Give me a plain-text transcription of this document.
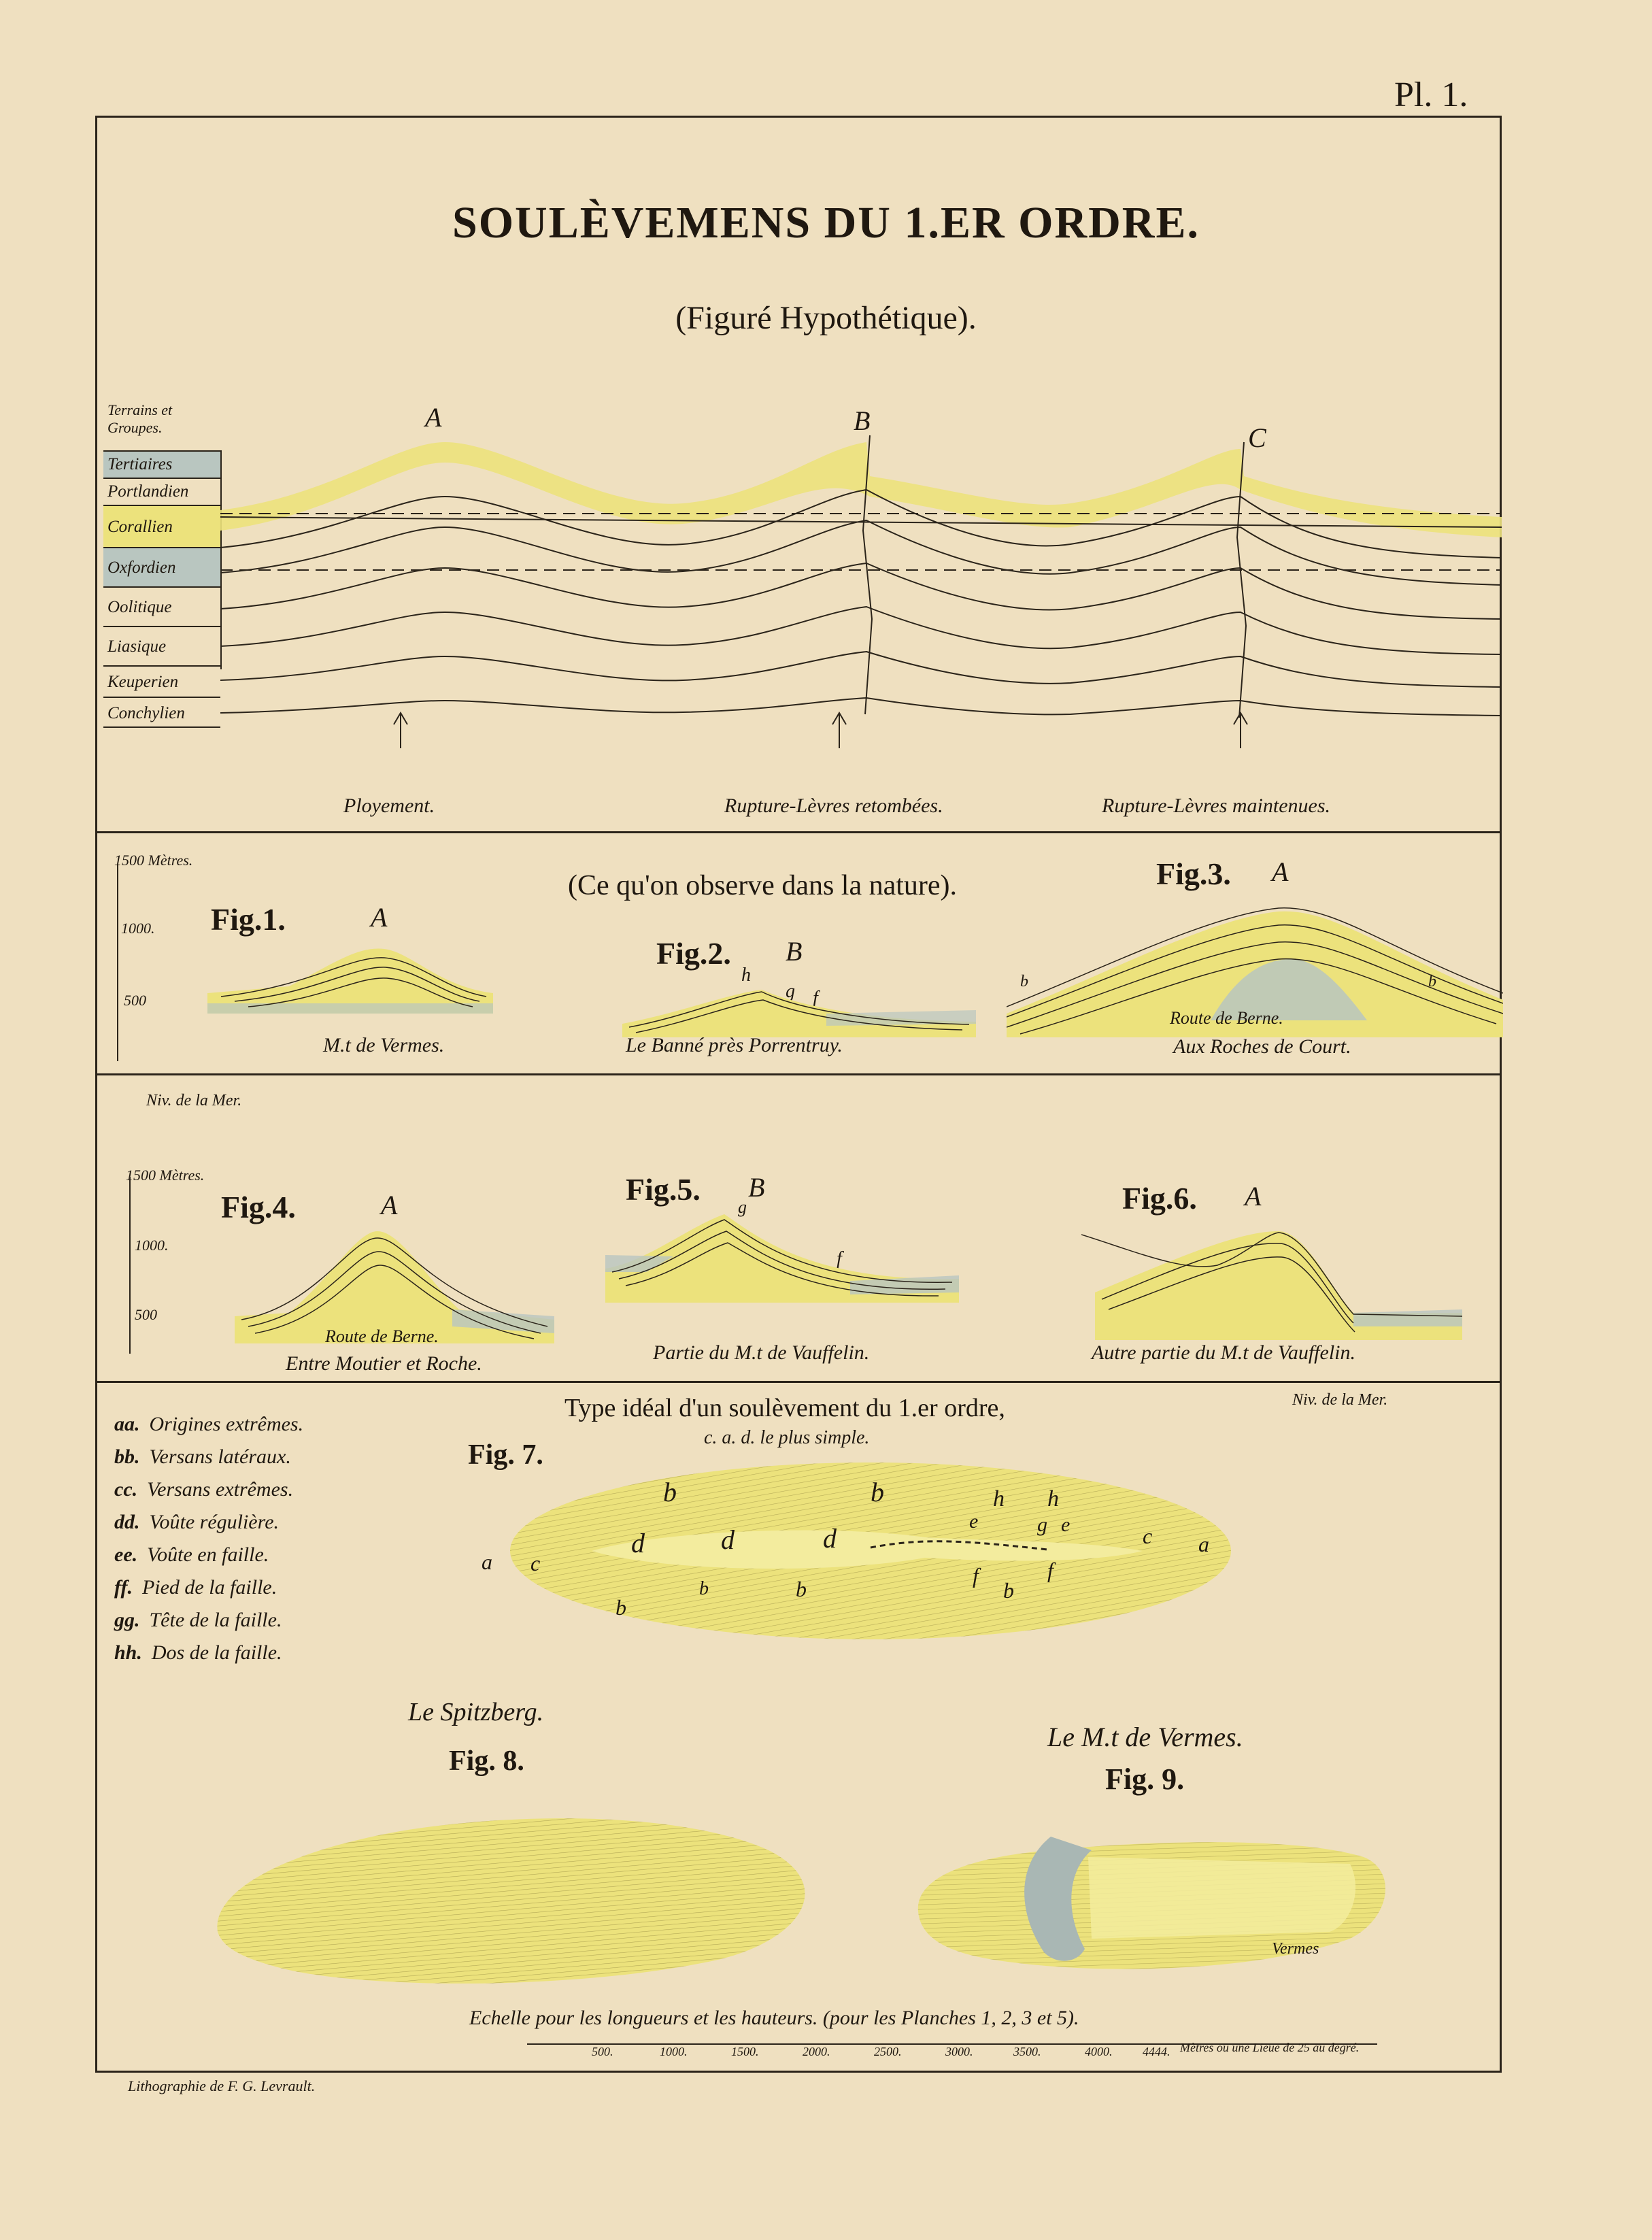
Pl. 1.
SOULÈVEMENS DU 1.ER ORDRE.
(Figuré Hypothétique).
Terrains et Groupes.
Tertiaires
Portlandien
Corallien
Oxfordien
Oolitique
Liasique
Keuperien
Conchylien
A	B
C
Ployement.	Rupture-Lèvres retombées.	Rupture-Lèvres maintenues.
1500 Mètres.
1000.
500
(Ce qu'on observe dans la nature).
Fig.1.	A
M.t de Vermes.
Fig.2. B
h
g f
Le Banné près Porrentruy.
Fig.3. A
b	b
Route de Berne.
Aux Roches de Court.
Niv. de la Mer.
1500 Mètres.
1000.
500
Fig.4.	A
Route de Berne.
Entre Moutier et Roche.
Fig.5. B
g
f
Partie du M.t de Vauffelin.
Fig.6. A
Autre partie du M.t de Vauffelin.
Niv. de la Mer.
aa. Origines extrêmes.
bb. Versans latéraux.
cc. Versans extrêmes.
dd. Voûte régulière.
ee. Voûte en faille.
ff. Pied de la faille.
gg. Tête de la faille.
hh. Dos de la faille.
Type idéal d'un soulèvement du 1.er ordre,
c. a. d. le plus simple.
Fig. 7.
a c
d	d	d
b	b
b
b	b
h h
e	g e	c a
f	f
b
Le Spitzberg.
Fig. 8.
Le M.t de Vermes.
Fig. 9.
Vermes
Echelle pour les longueurs et les hauteurs. (pour les Planches 1, 2, 3 et 5).
500.	1000.	1500.	2000.	2500.	3000.	3500.	4000. 4444. Mètres ou une Lieue de 25 au degré.
Lithographie de F. G. Levrault.
